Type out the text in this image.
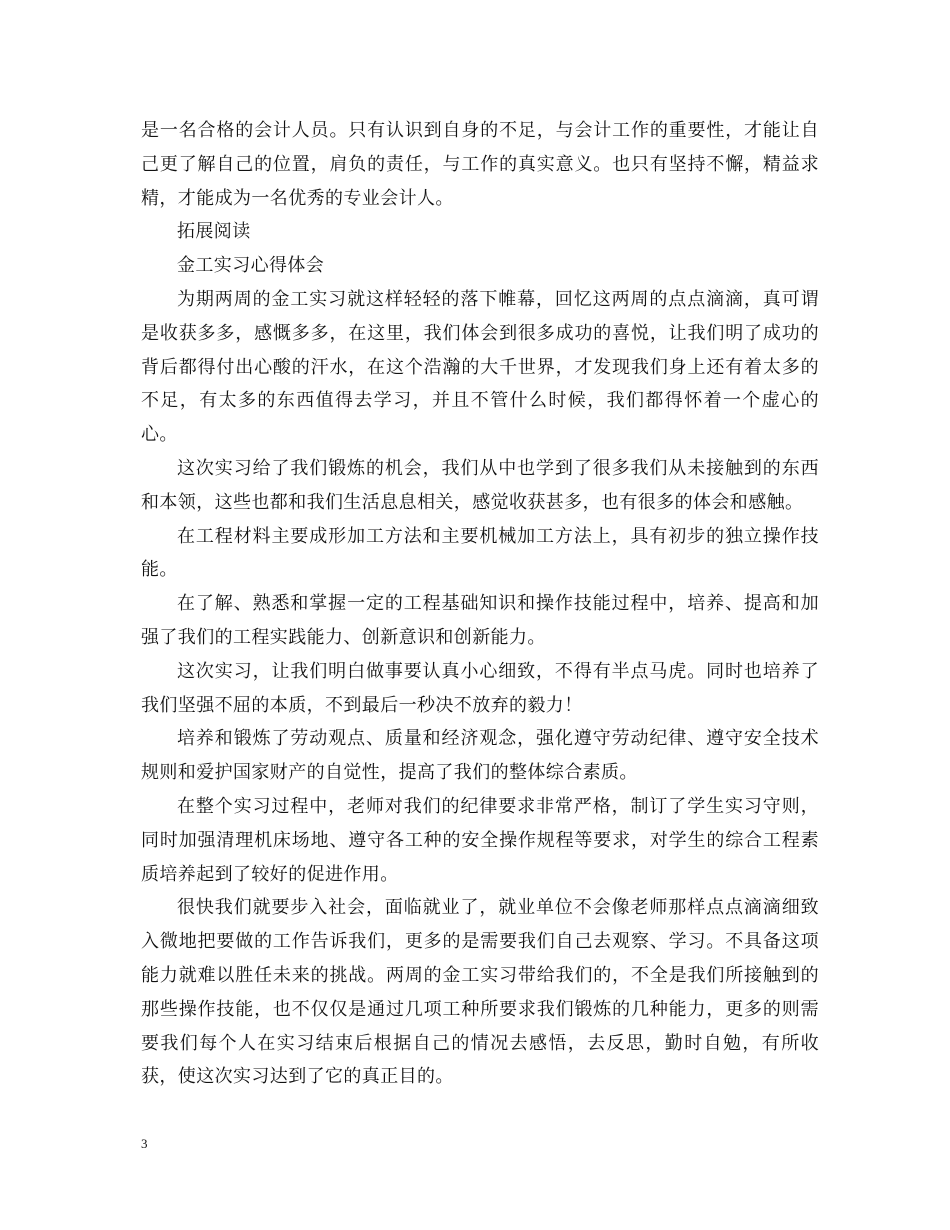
是一名合格的会计人员。只有认识到自身的不足，与会计工作的重要性，才能让自己更了解自己的位置，肩负的责任，与工作的真实意义。也只有坚持不懈，精益求精，才能成为一名优秀的专业会计人。

拓展阅读

金工实习心得体会

为期两周的金工实习就这样轻轻的落下帷幕，回忆这两周的点点滴滴，真可谓是收获多多，感慨多多，在这里，我们体会到很多成功的喜悦，让我们明了成功的背后都得付出心酸的汗水，在这个浩瀚的大千世界，才发现我们身上还有着太多的不足，有太多的东西值得去学习，并且不管什么时候，我们都得怀着一个虚心的心。

这次实习给了我们锻炼的机会，我们从中也学到了很多我们从未接触到的东西和本领，这些也都和我们生活息息相关，感觉收获甚多，也有很多的体会和感触。

在工程材料主要成形加工方法和主要机械加工方法上，具有初步的独立操作技能。

在了解、熟悉和掌握一定的工程基础知识和操作技能过程中，培养、提高和加强了我们的工程实践能力、创新意识和创新能力。

这次实习，让我们明白做事要认真小心细致，不得有半点马虎。同时也培养了我们坚强不屈的本质，不到最后一秒决不放弃的毅力！

培养和锻炼了劳动观点、质量和经济观念，强化遵守劳动纪律、遵守安全技术规则和爱护国家财产的自觉性，提高了我们的整体综合素质。

在整个实习过程中，老师对我们的纪律要求非常严格，制订了学生实习守则，同时加强清理机床场地、遵守各工种的安全操作规程等要求，对学生的综合工程素质培养起到了较好的促进作用。

很快我们就要步入社会，面临就业了，就业单位不会像老师那样点点滴滴细致入微地把要做的工作告诉我们，更多的是需要我们自己去观察、学习。不具备这项能力就难以胜任未来的挑战。两周的金工实习带给我们的，不全是我们所接触到的那些操作技能，也不仅仅是通过几项工种所要求我们锻炼的几种能力，更多的则需要我们每个人在实习结束后根据自己的情况去感悟，去反思，勤时自勉，有所收获，使这次实习达到了它的真正目的。

3
